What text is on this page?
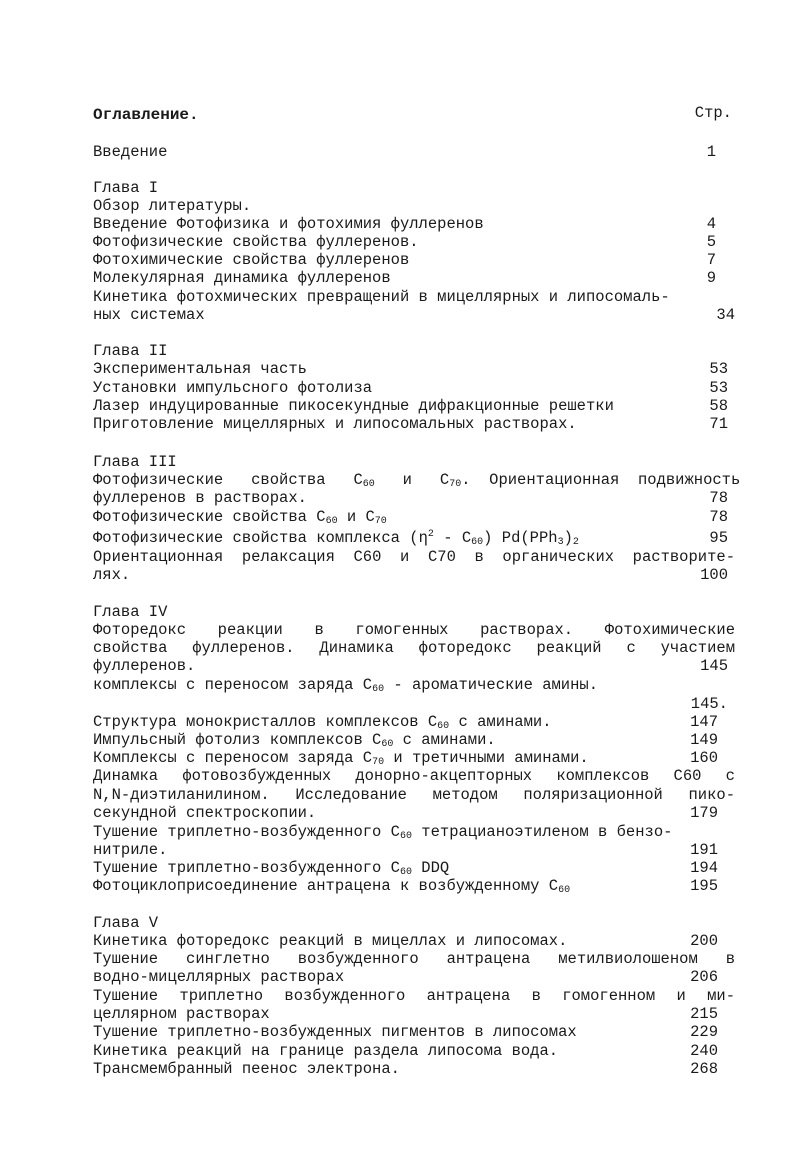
Оглавление.	Стр.
Введение	1
Глава I
Обзор литературы.
Введение Фотофизика и фотохимия фуллеренов	4
Фотофизические свойства фуллеренов.	5
Фотохимические свойства фуллеренов	7
Молекулярная динамика фуллеренов	9
Кинетика фотохмических превращений в мицеллярных и липосомаль-
ных системах	34
Глава II
Экспериментальная часть	53
Установки импульсного фотолиза	53
Лазер индуцированные пикосекундные дифракционные решетки	58
Приготовление мицеллярных и липосомальных растворах.	71
Глава III
Фотофизические   свойства   $C_{60}$   и   $C_{70}$.  Ориентационная  подвижность
фуллеренов в растворах.	78
Фотофизические свойства $C_{60}$ и $C_{70}$	78
Фотофизические свойства комплекса $(\eta^2 - C_{60})$ $Pd(PPh_3)_2$	95
Ориентационная релаксация C60 и C70 в органических растворите-
лях.	100
Глава IV
Фоторедокс реакции в гомогенных растворах. Фотохимические
свойства фуллеренов. Динамика фоторедокс реакций с участием
фуллеренов.	145
комплексы с переносом заряда $C_{60}$ - ароматические амины.
145.
Структура монокристаллов комплексов $C_{60}$ с аминами.	147
Импульсный фотолиз комплексов $C_{60}$ с аминами.	149
Комплексы с переносом заряда $C_{70}$ и третичными аминами.	160
Динамка фотовозбужденных донорно-акцепторных комплексов C60 с
N,N-диэтиланилином. Исследование методом поляризационной пико-
секундной спектроскопии.	179
Тушение триплетно-возбужденного $C_{60}$ тетрацианоэтиленом в бензо-
нитриле.	191
Тушение триплетно-возбужденного $C_{60}$ DDQ	194
Фотоциклоприсоединение антрацена к возбужденному $C_{60}$	195
Глава V
Кинетика фоторедокс реакций в мицеллах и липосомах.	200
Тушение синглетно возбужденного антрацена метилвиолошеном в
водно-мицеллярных растворах	206
Тушение триплетно возбужденного антрацена в гомогенном и ми-
целлярном растворах	215
Тушение триплетно-возбужденных пигментов в липосомах	229
Кинетика реакций на границе раздела липосома вода.	240
Трансмембранный пеенос электрона.	268
